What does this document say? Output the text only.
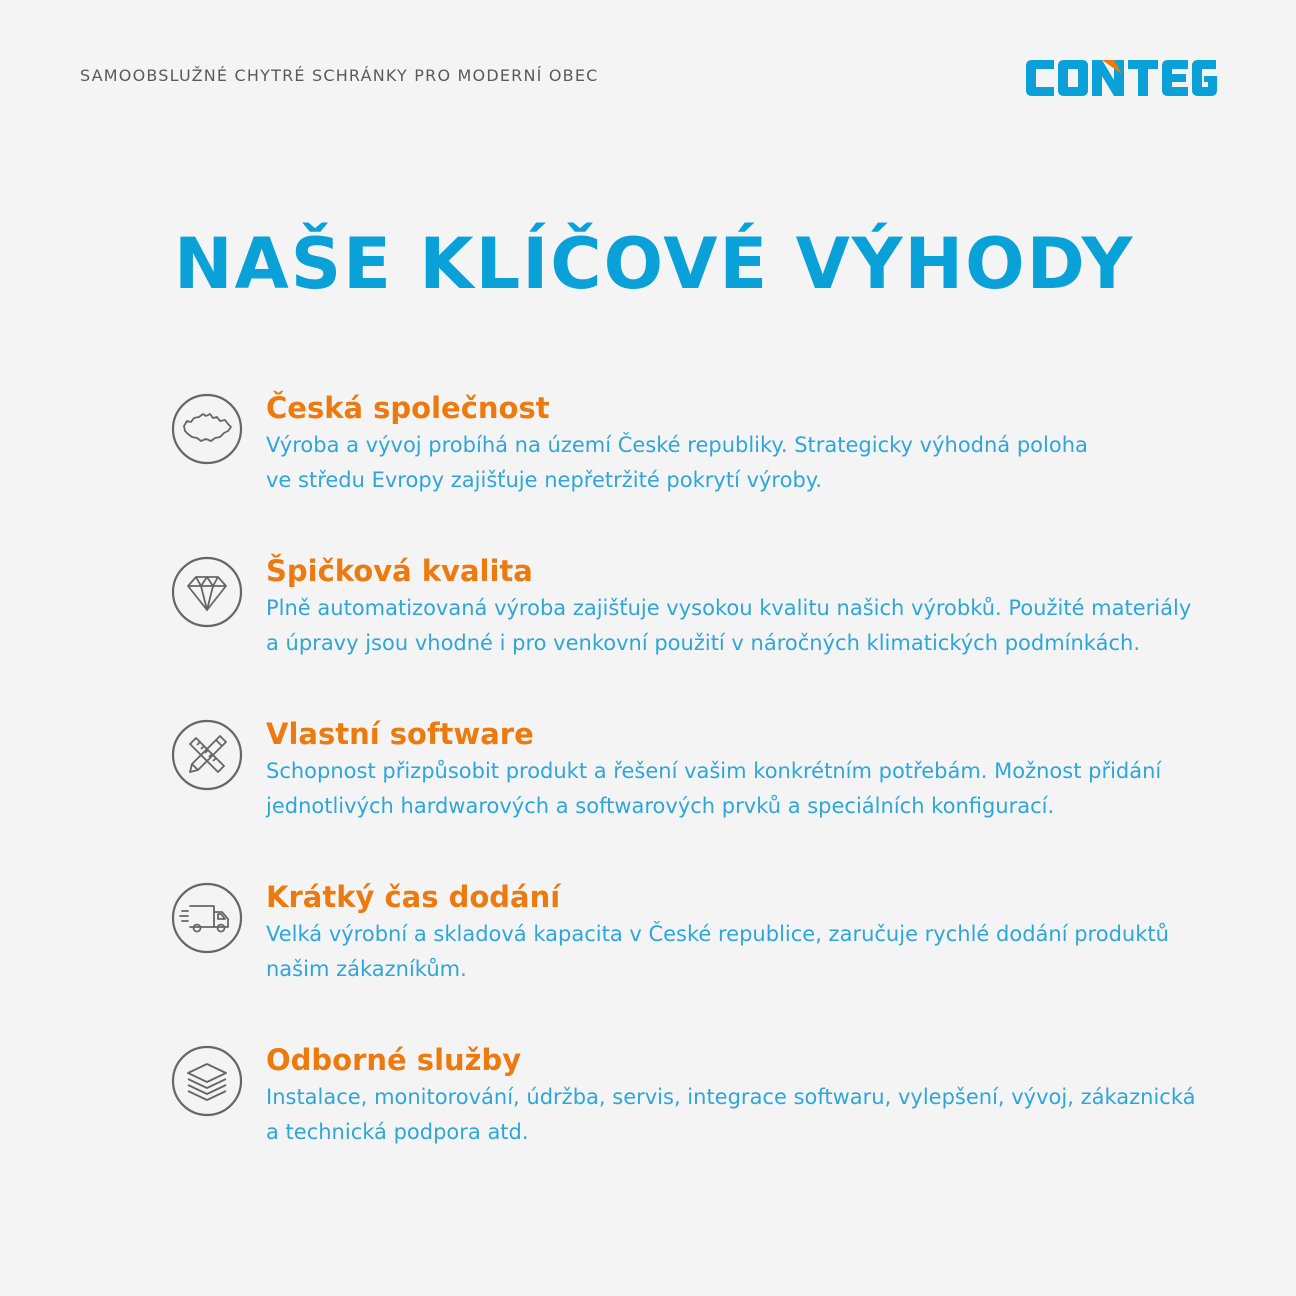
SAMOOBSLUŽNÉ CHYTRÉ SCHRÁNKY PRO MODERNÍ OBEC
NAŠE KLÍČOVÉ VÝHODY
Česká společnost

Výroba a vývoj probíhá na území České republiky. Strategicky výhodná poloha
ve středu Evropy zajišťuje nepřetržité pokrytí výroby.

Špičková kvalita

Plně automatizovaná výroba zajišťuje vysokou kvalitu našich výrobků. Použité materiály
a úpravy jsou vhodné i pro venkovní použití v náročných klimatických podmínkách.

Vlastní software

Schopnost přizpůsobit produkt a řešení vašim konkrétním potřebám. Možnost přidání
jednotlivých hardwarových a softwarových prvků a speciálních konfigurací.

Krátký čas dodání

Velká výrobní a skladová kapacita v České republice, zaručuje rychlé dodání produktů
našim zákazníkům.

Odborné služby

Instalace, monitorování, údržba, servis, integrace softwaru, vylepšení, vývoj, zákaznická
a technická podpora atd.
